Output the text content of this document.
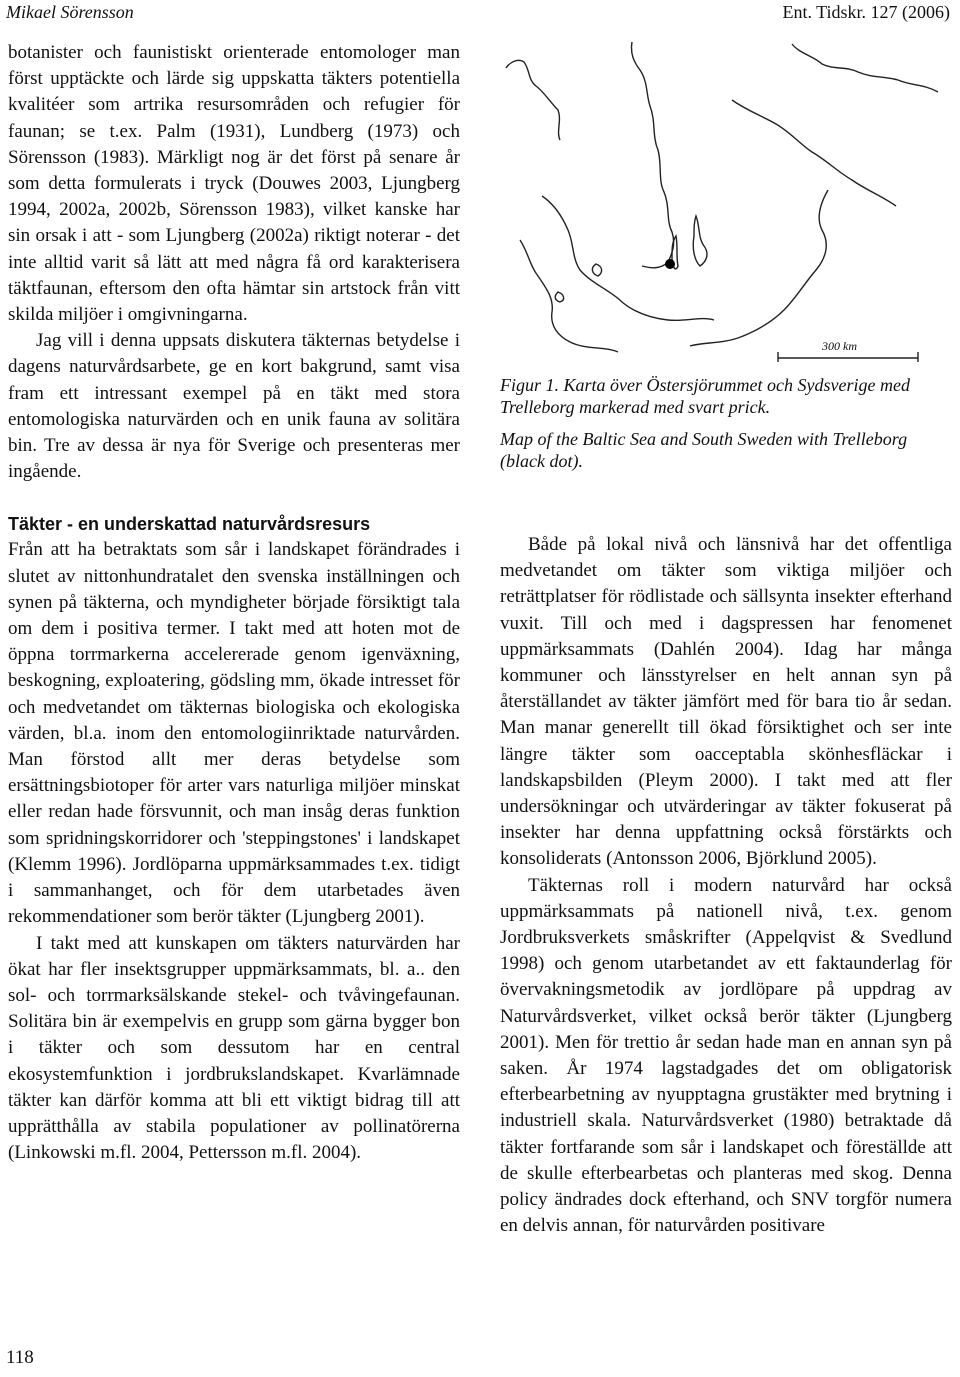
Mikael Sörensson	Ent. Tidskr. 127 (2006)

botanister och faunistiskt orienterade entomologer man först upptäckte och lärde sig uppskatta täkters potentiella kvalitéer som artrika resursområden och refugier för faunan; se t.ex. Palm (1931), Lundberg (1973) och Sörensson (1983). Märkligt nog är det först på senare år som detta formulerats i tryck (Douwes 2003, Ljungberg 1994, 2002a, 2002b, Sörensson 1983), vilket kanske har sin orsak i att - som Ljungberg (2002a) riktigt noterar - det inte alltid varit så lätt att med några få ord karakterisera täktfaunan, eftersom den ofta hämtar sin artstock från vitt skilda miljöer i omgivningarna.

Jag vill i denna uppsats diskutera täkternas betydelse i dagens naturvårdsarbete, ge en kort bakgrund, samt visa fram ett intressant exempel på en täkt med stora entomologiska naturvärden och en unik fauna av solitära bin. Tre av dessa är nya för Sverige och presenteras mer ingående.

Täkter - en underskattad naturvårdsresurs

Från att ha betraktats som sår i landskapet förändrades i slutet av nittonhundratalet den svenska inställningen och synen på täkterna, och myndigheter började försiktigt tala om dem i positiva termer. I takt med att hoten mot de öppna torrmarkerna accelererade genom igenväxning, beskogning, exploatering, gödsling mm, ökade intresset för och medvetandet om täkternas biologiska och ekologiska värden, bl.a. inom den entomologiinriktade naturvården. Man förstod allt mer deras betydelse som ersättningsbiotoper för arter vars naturliga miljöer minskat eller redan hade försvunnit, och man insåg deras funktion som spridningskorridorer och 'steppingstones' i landskapet (Klemm 1996). Jordlöparna uppmärksammades t.ex. tidigt i sammanhanget, och för dem utarbetades även rekommendationer som berör täkter (Ljungberg 2001).

I takt med att kunskapen om täkters naturvärden har ökat har fler insektsgrupper uppmärksammats, bl. a.. den sol- och torrmarksälskande stekel- och tvåvingefaunan. Solitära bin är exempelvis en grupp som gärna bygger bon i täkter och som dessutom har en central ekosystemfunktion i jordbrukslandskapet. Kvarlämnade täkter kan därför komma att bli ett viktigt bidrag till att upprätthålla av stabila populationer av pollinatörerna (Linkowski m.fl. 2004, Pettersson m.fl. 2004).

300 km
Figur 1. Karta över Östersjörummet och Sydsverige med Trelleborg markerad med svart prick.
Map of the Baltic Sea and South Sweden with Trelleborg (black dot).

Både på lokal nivå och länsnivå har det offentliga medvetandet om täkter som viktiga miljöer och reträttplatser för rödlistade och sällsynta insekter efterhand vuxit. Till och med i dagspressen har fenomenet uppmärksammats (Dahlén 2004). Idag har många kommuner och länsstyrelser en helt annan syn på återställandet av täkter jämfört med för bara tio år sedan. Man manar generellt till ökad försiktighet och ser inte längre täkter som oacceptabla skönhesfläckar i landskapsbilden (Pleym 2000). I takt med att fler undersökningar och utvärderingar av täkter fokuserat på insekter har denna uppfattning också förstärkts och konsoliderats (Antonsson 2006, Björklund 2005).

Täkternas roll i modern naturvård har också uppmärksammats på nationell nivå, t.ex. genom Jordbruksverkets småskrifter (Appelqvist & Svedlund 1998) och genom utarbetandet av ett faktaunderlag för övervakningsmetodik av jordlöpare på uppdrag av Naturvårdsverket, vilket också berör täkter (Ljungberg 2001). Men för trettio år sedan hade man en annan syn på saken. År 1974 lagstadgades det om obligatorisk efterbearbetning av nyupptagna grustäkter med brytning i industriell skala. Naturvårdsverket (1980) betraktade då täkter fortfarande som sår i landskapet och föreställde att de skulle efterbearbetas och planteras med skog. Denna policy ändrades dock efterhand, och SNV torgför numera en delvis annan, för naturvården positivare

118
